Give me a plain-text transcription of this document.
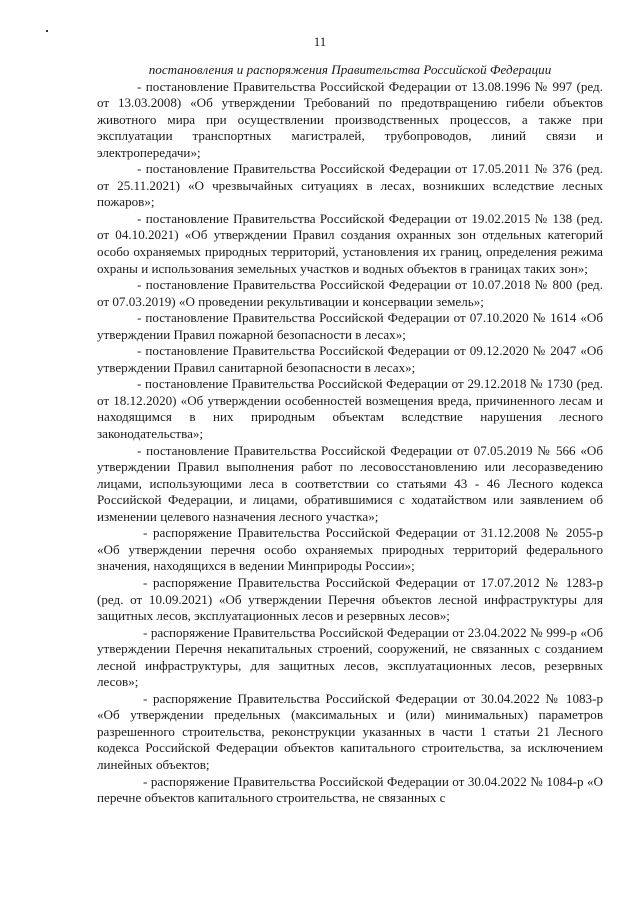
11

постановления и распоряжения Правительства Российской Федерации

- постановление Правительства Российской Федерации от 13.08.1996 № 997 (ред. от 13.03.2008) «Об утверждении Требований по предотвращению гибели объектов животного мира при осуществлении производственных процессов, а также при эксплуатации транспортных магистралей, трубопроводов, линий связи и электропередачи»;

- постановление Правительства Российской Федерации от 17.05.2011 № 376 (ред. от 25.11.2021) «О чрезвычайных ситуациях в лесах, возникших вследствие лесных пожаров»;

- постановление Правительства Российской Федерации от 19.02.2015 № 138 (ред. от 04.10.2021) «Об утверждении Правил создания охранных зон отдельных категорий особо охраняемых природных территорий, установления их границ, определения режима охраны и использования земельных участков и водных объектов в границах таких зон»;

- постановление Правительства Российской Федерации от 10.07.2018 № 800 (ред. от 07.03.2019) «О проведении рекультивации и консервации земель»;

- постановление Правительства Российской Федерации от 07.10.2020 № 1614 «Об утверждении Правил пожарной безопасности в лесах»;

- постановление Правительства Российской Федерации от 09.12.2020 № 2047 «Об утверждении Правил санитарной безопасности в лесах»;

- постановление Правительства Российской Федерации от 29.12.2018 № 1730 (ред. от 18.12.2020) «Об утверждении особенностей возмещения вреда, причиненного лесам и находящимся в них природным объектам вследствие нарушения лесного законодательства»;

- постановление Правительства Российской Федерации от 07.05.2019 № 566 «Об утверждении Правил выполнения работ по лесовосстановлению или лесоразведению лицами, использующими леса в соответствии со статьями 43 - 46 Лесного кодекса Российской Федерации, и лицами, обратившимися с ходатайством или заявлением об изменении целевого назначения лесного участка»;

- распоряжение Правительства Российской Федерации от 31.12.2008 № 2055-р «Об утверждении перечня особо охраняемых природных территорий федерального значения, находящихся в ведении Минприроды России»;

- распоряжение Правительства Российской Федерации от 17.07.2012 № 1283-р (ред. от 10.09.2021) «Об утверждении Перечня объектов лесной инфраструктуры для защитных лесов, эксплуатационных лесов и резервных лесов»;

- распоряжение Правительства Российской Федерации от 23.04.2022 № 999-р «Об утверждении Перечня некапитальных строений, сооружений, не связанных с созданием лесной инфраструктуры, для защитных лесов, эксплуатационных лесов, резервных лесов»;

- распоряжение Правительства Российской Федерации от 30.04.2022 № 1083-р «Об утверждении предельных (максимальных и (или) минимальных) параметров разрешенного строительства, реконструкции указанных в части 1 статьи 21 Лесного кодекса Российской Федерации объектов капитального строительства, за исключением линейных объектов;

- распоряжение Правительства Российской Федерации от 30.04.2022 № 1084-р «О перечне объектов капитального строительства, не связанных с
